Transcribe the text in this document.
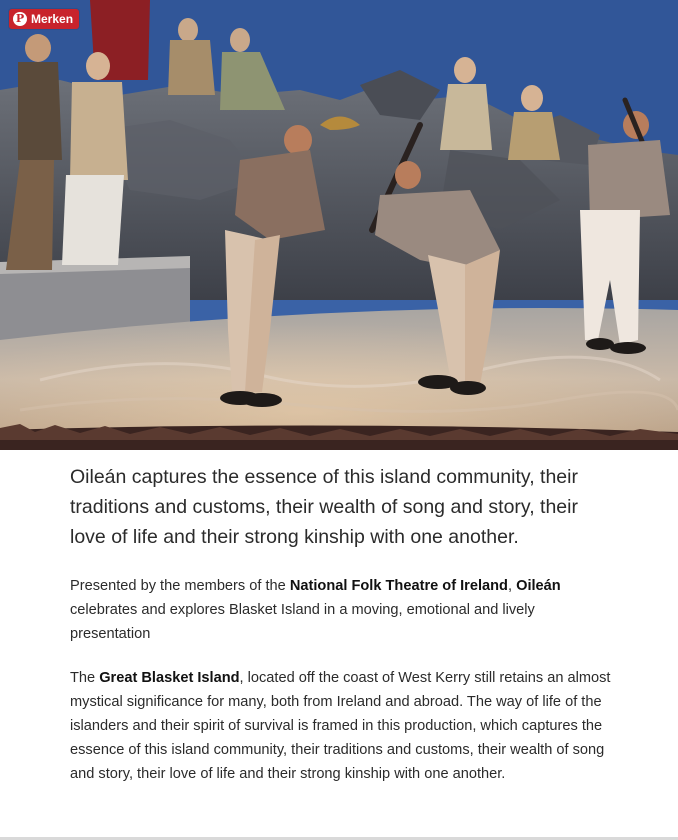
P Merken

Oileán captures the essence of this island community, their traditions and customs, their wealth of song and story, their love of life and their strong kinship with one another.

Presented by the members of the National Folk Theatre of Ireland, Oileán celebrates and explores Blasket Island in a moving, emotional and lively presentation

The Great Blasket Island, located off the coast of West Kerry still retains an almost mystical significance for many, both from Ireland and abroad. The way of life of the islanders and their spirit of survival is framed in this production, which captures the essence of this island community, their traditions and customs, their wealth of song and story, their love of life and their strong kinship with one another.
